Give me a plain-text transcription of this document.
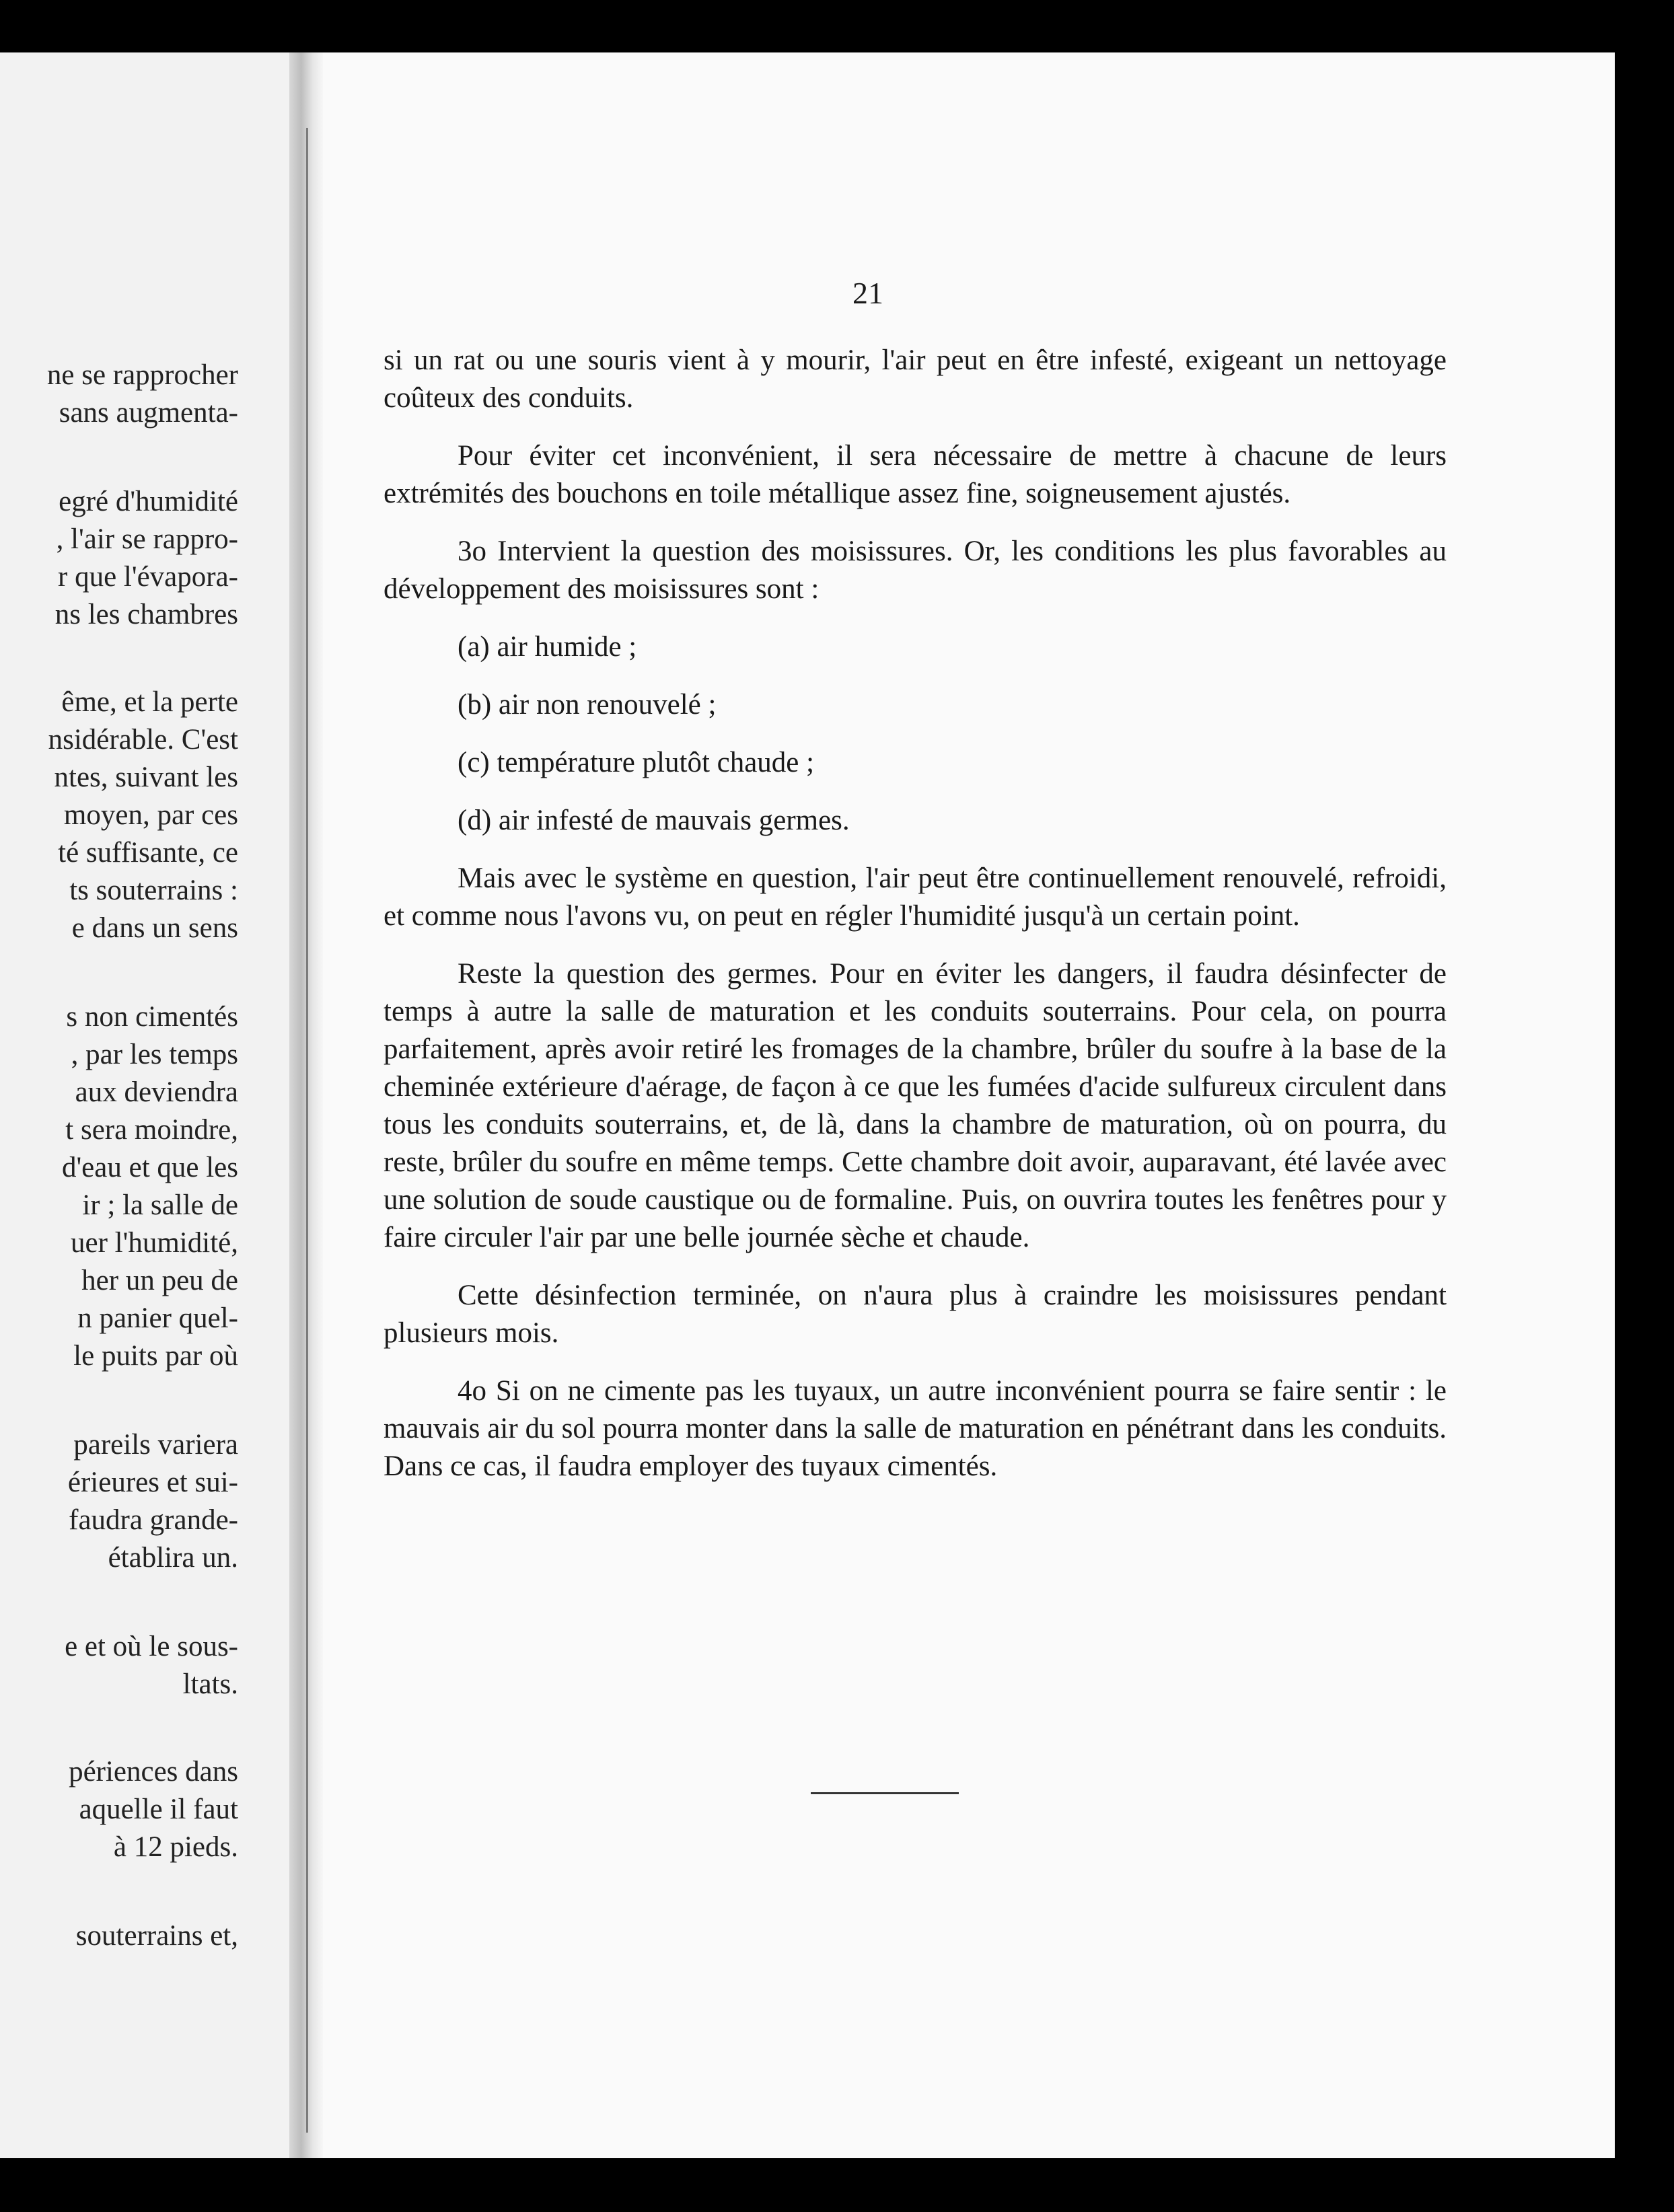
ne se rapprocher
sans augmenta-
egré d'humidité
, l'air se rappro-
r que l'évapora-
ns les chambres
ême, et la perte
nsidérable. C'est
ntes, suivant les
moyen, par ces
té suffisante, ce
ts souterrains :
e dans un sens
s non cimentés
, par les temps
aux deviendra
t sera moindre,
d'eau et que les
ir ; la salle de
uer l'humidité,
her un peu de
n panier quel-
le puits par où
pareils variera
érieures et sui-
faudra grande-
établira un.
e et où le sous-
ltats.
périences dans
aquelle il faut
à 12 pieds.
souterrains et,
21

si un rat ou une souris vient à y mourir, l'air peut en être infesté, exigeant un nettoyage coûteux des conduits.

Pour éviter cet inconvénient, il sera nécessaire de mettre à chacune de leurs extrémités des bouchons en toile métallique assez fine, soigneusement ajustés.

3o Intervient la question des moisissures. Or, les conditions les plus favorables au développement des moisissures sont :

(a) air humide ;
(b) air non renouvelé ;
(c) température plutôt chaude ;
(d) air infesté de mauvais germes.

Mais avec le système en question, l'air peut être continuellement renouvelé, refroidi, et comme nous l'avons vu, on peut en régler l'humidité jusqu'à un certain point.

Reste la question des germes. Pour en éviter les dangers, il faudra désinfecter de temps à autre la salle de maturation et les conduits souterrains. Pour cela, on pourra parfaitement, après avoir retiré les fromages de la chambre, brûler du soufre à la base de la cheminée extérieure d'aérage, de façon à ce que les fumées d'acide sulfureux circulent dans tous les conduits souterrains, et, de là, dans la chambre de maturation, où on pourra, du reste, brûler du soufre en même temps. Cette chambre doit avoir, auparavant, été lavée avec une solution de soude caustique ou de formaline. Puis, on ouvrira toutes les fenêtres pour y faire circuler l'air par une belle journée sèche et chaude.

Cette désinfection terminée, on n'aura plus à craindre les moisissures pendant plusieurs mois.

4o Si on ne cimente pas les tuyaux, un autre inconvénient pourra se faire sentir : le mauvais air du sol pourra monter dans la salle de maturation en pénétrant dans les conduits. Dans ce cas, il faudra employer des tuyaux cimentés.
